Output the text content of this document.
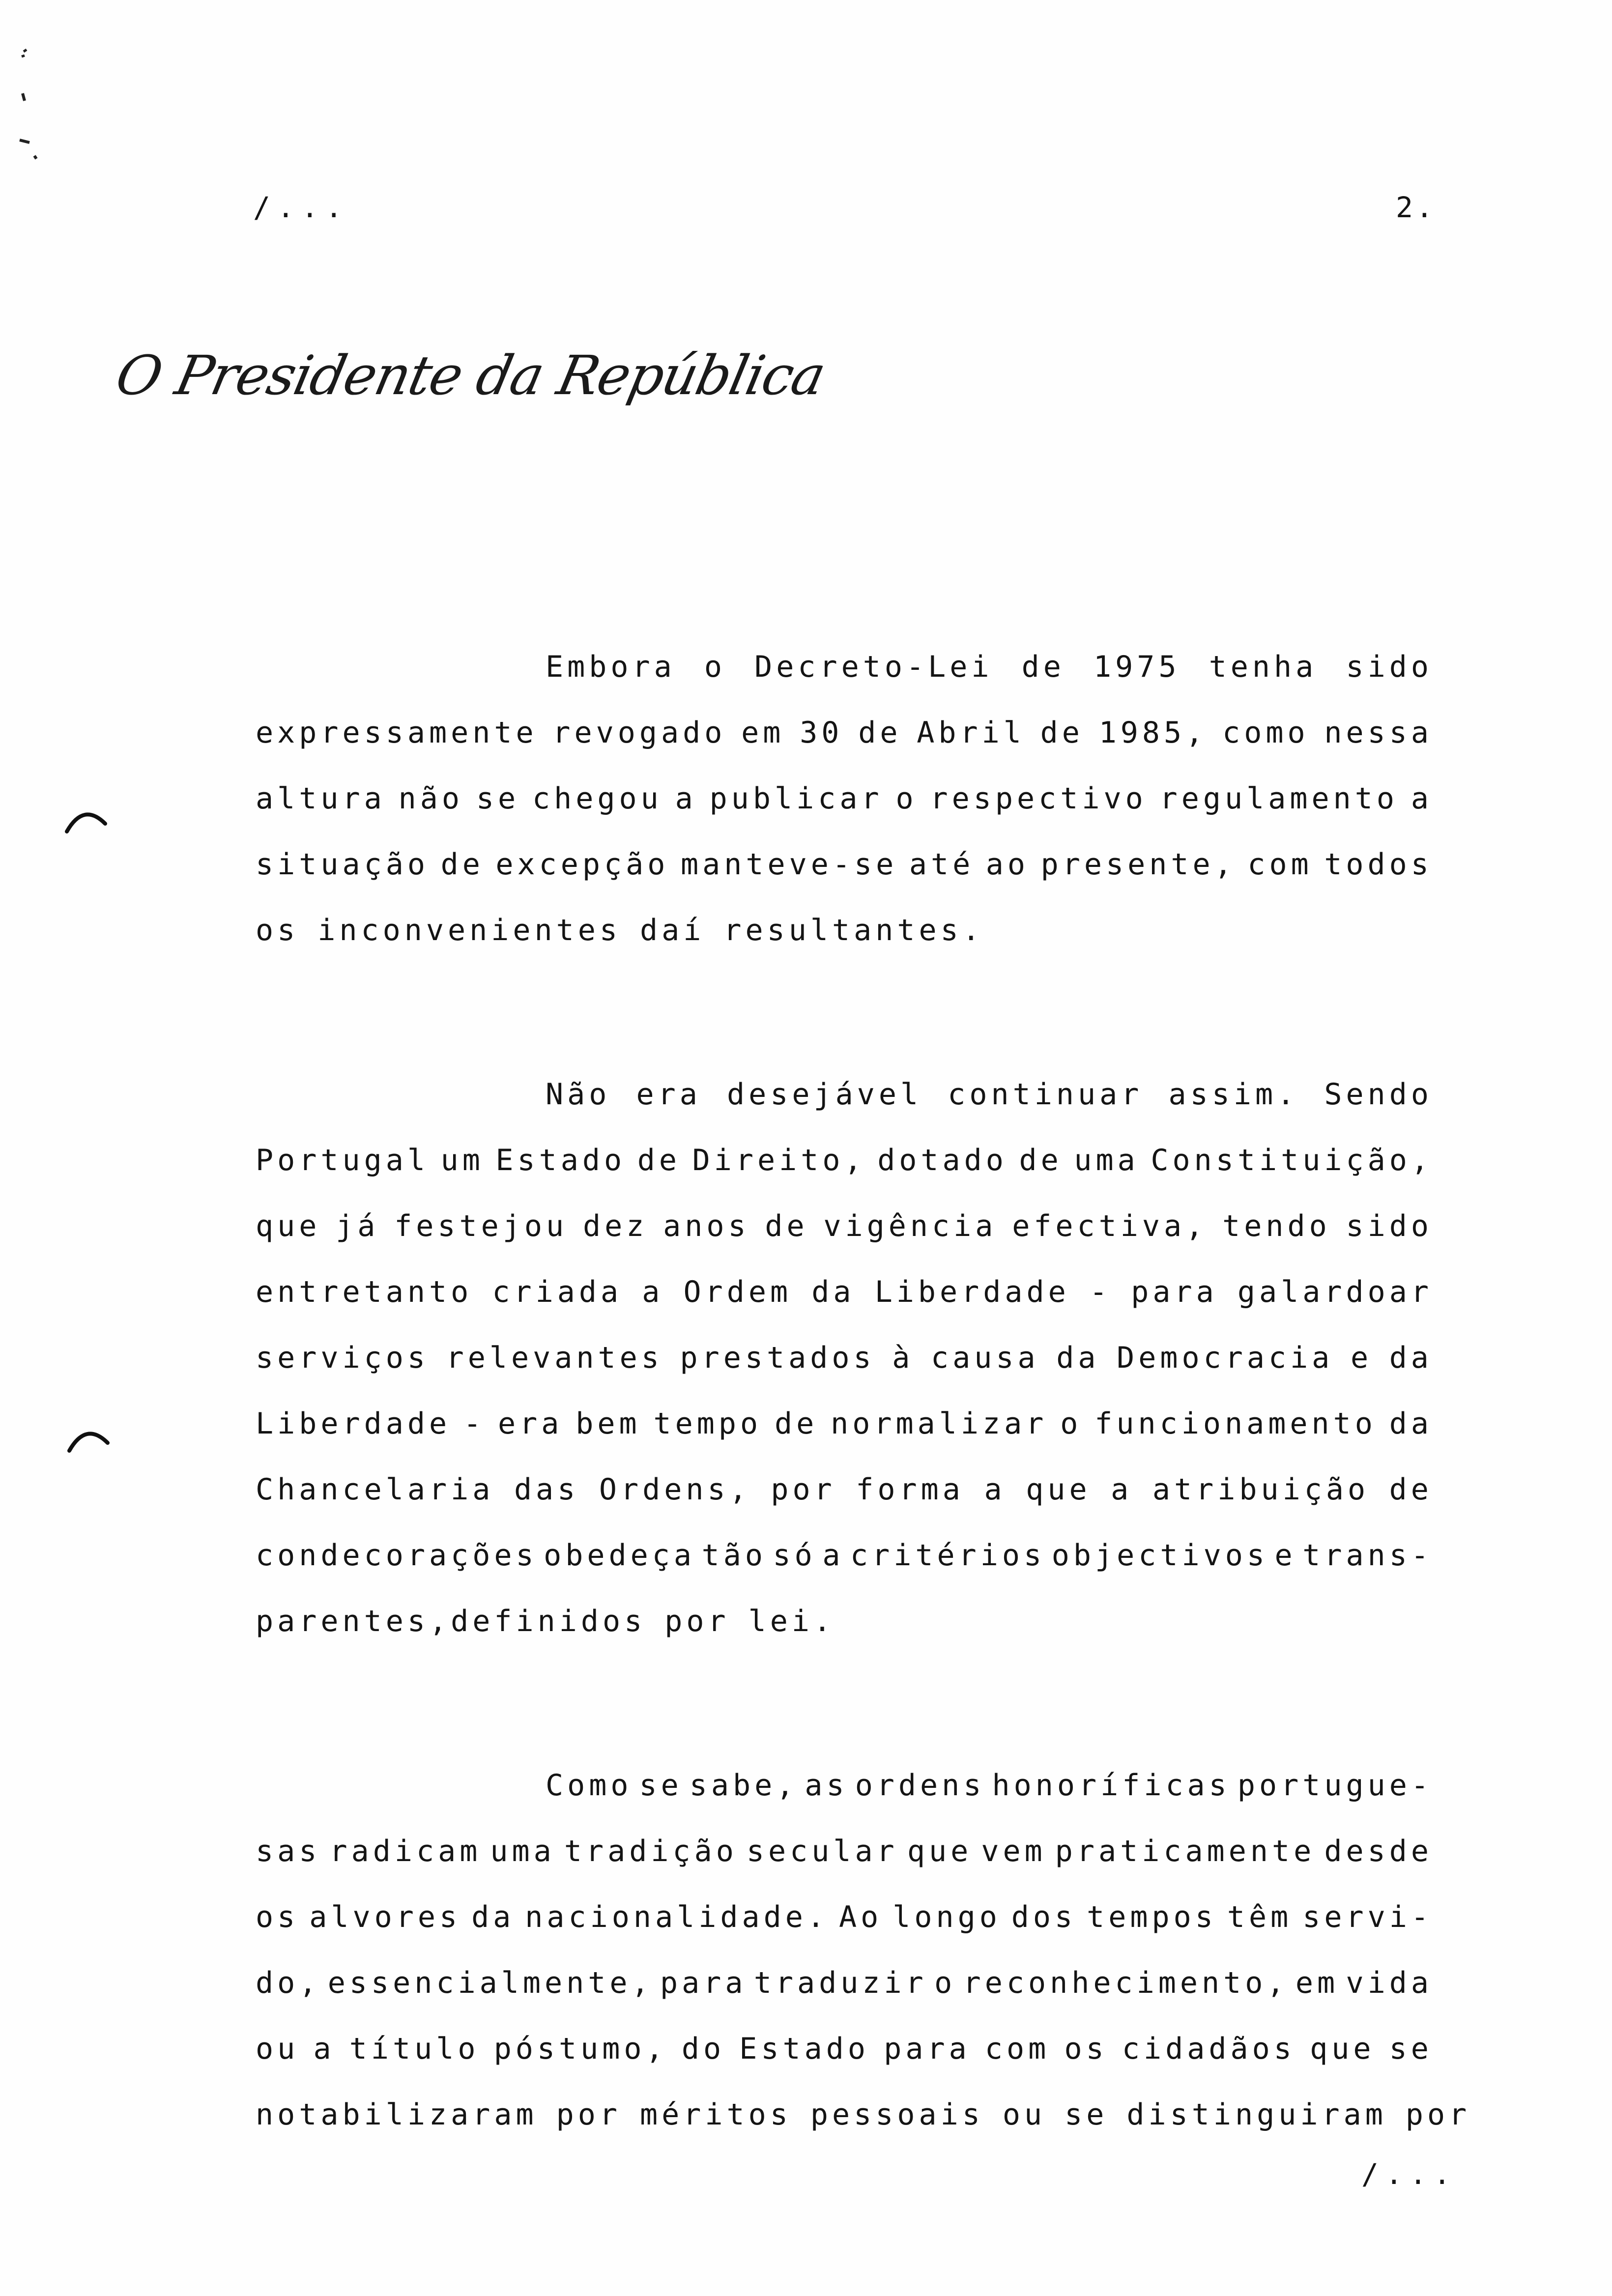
/...	2.
O Presidente da República
Embora o Decreto-Lei de 1975 tenha sido
expressamente revogado em 30 de Abril de 1985, como nessa
altura não se chegou a publicar o respectivo regulamento a
situação de excepção manteve-se até ao presente, com todos
os inconvenientes daí resultantes.
Não era desejável continuar assim. Sendo
Portugal um Estado de Direito, dotado de uma Constituição,
que já festejou dez anos de vigência efectiva, tendo sido
entretanto criada a Ordem da Liberdade - para galardoar
serviços relevantes prestados à causa da Democracia e da
Liberdade - era bem tempo de normalizar o funcionamento da
Chancelaria das Ordens, por forma a que a atribuição de
condecorações obedeça tão só a critérios objectivos e trans-
parentes,definidos por lei.
Como se sabe, as ordens honoríficas portugue-
sas radicam uma tradição secular que vem praticamente desde
os alvores da nacionalidade. Ao longo dos tempos têm servi-
do, essencialmente, para traduzir o reconhecimento, em vida
ou a título póstumo, do Estado para com os cidadãos que se
notabilizaram por méritos pessoais ou se distinguiram por
/...
